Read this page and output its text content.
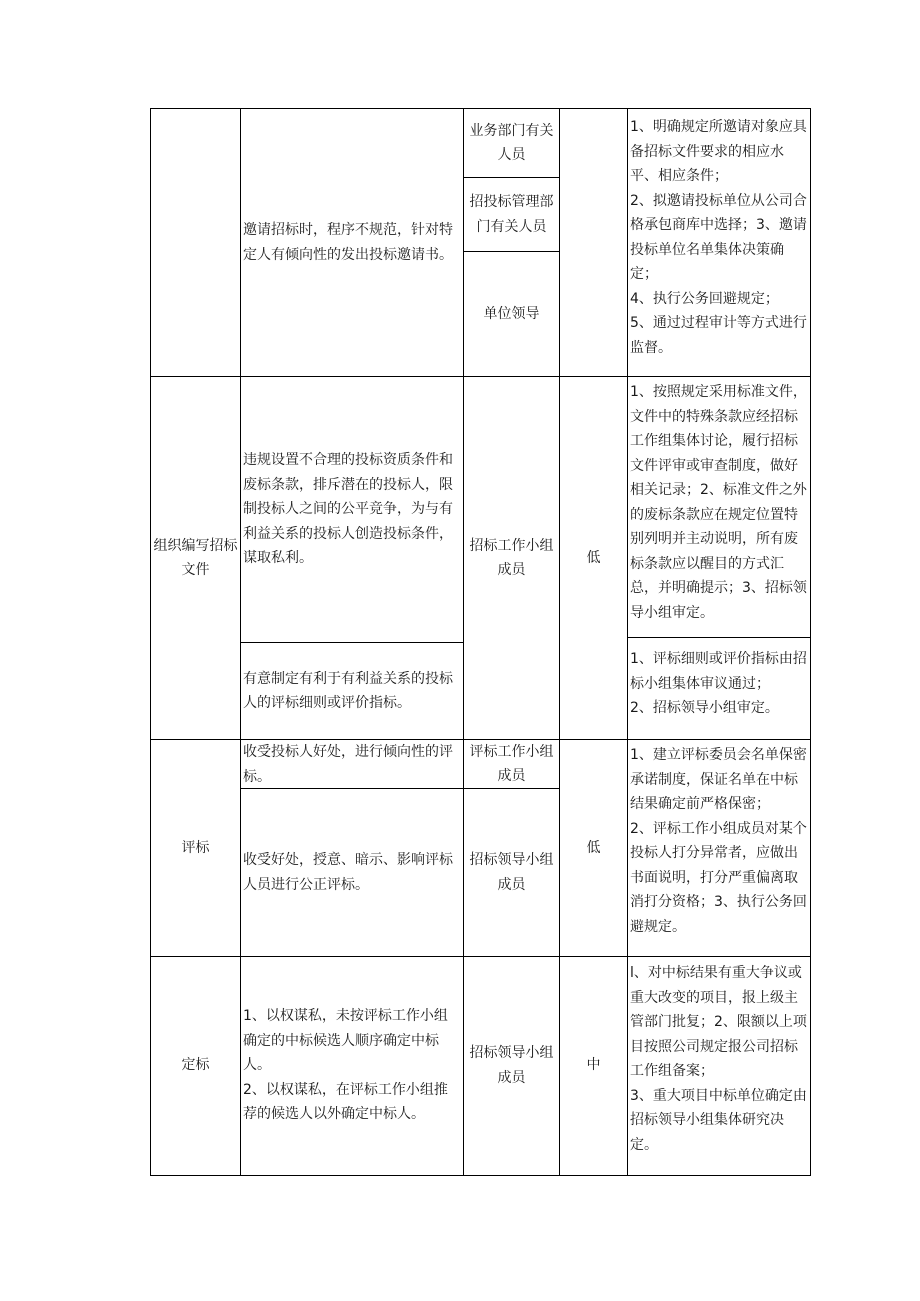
邀请招标时，程序不规范，针对特定人有倾向性的发出投标邀请书。
业务部门有关人员
招投标管理部门有关人员
单位领导
1、明确规定所邀请对象应具备招标文件要求的相应水平、相应条件；
2、拟邀请投标单位从公司合格承包商库中选择；3、邀请投标单位名单集体决策确定；
4、执行公务回避规定；
5、通过过程审计等方式进行监督。
组织编写招标文件
违规设置不合理的投标资质条件和废标条款，排斥潜在的投标人，限制投标人之间的公平竞争，为与有利益关系的投标人创造投标条件，谋取私利。
有意制定有利于有利益关系的投标人的评标细则或评价指标。
招标工作小组成员
低
1、按照规定采用标准文件，文件中的特殊条款应经招标工作组集体讨论，履行招标文件评审或审查制度，做好相关记录；2、标准文件之外的废标条款应在规定位置特别列明并主动说明，所有废标条款应以醒目的方式汇总，并明确提示；3、招标领导小组审定。
1、评标细则或评价指标由招标小组集体审议通过；
2、招标领导小组审定。
评标
收受投标人好处，进行倾向性的评标。
收受好处，授意、暗示、影响评标人员进行公正评标。
评标工作小组成员
招标领导小组成员
低
1、建立评标委员会名单保密承诺制度，保证名单在中标结果确定前严格保密；
2、评标工作小组成员对某个投标人打分异常者，应做出书面说明，打分严重偏离取消打分资格；3、执行公务回避规定。
定标
1、以权谋私，未按评标工作小组确定的中标候选人顺序确定中标人。
2、以权谋私，在评标工作小组推荐的候选人以外确定中标人。
招标领导小组成员
中
l、对中标结果有重大争议或重大改变的项目，报上级主管部门批复；2、限额以上项目按照公司规定报公司招标工作组备案；
3、重大项目中标单位确定由招标领导小组集体研究决定。
